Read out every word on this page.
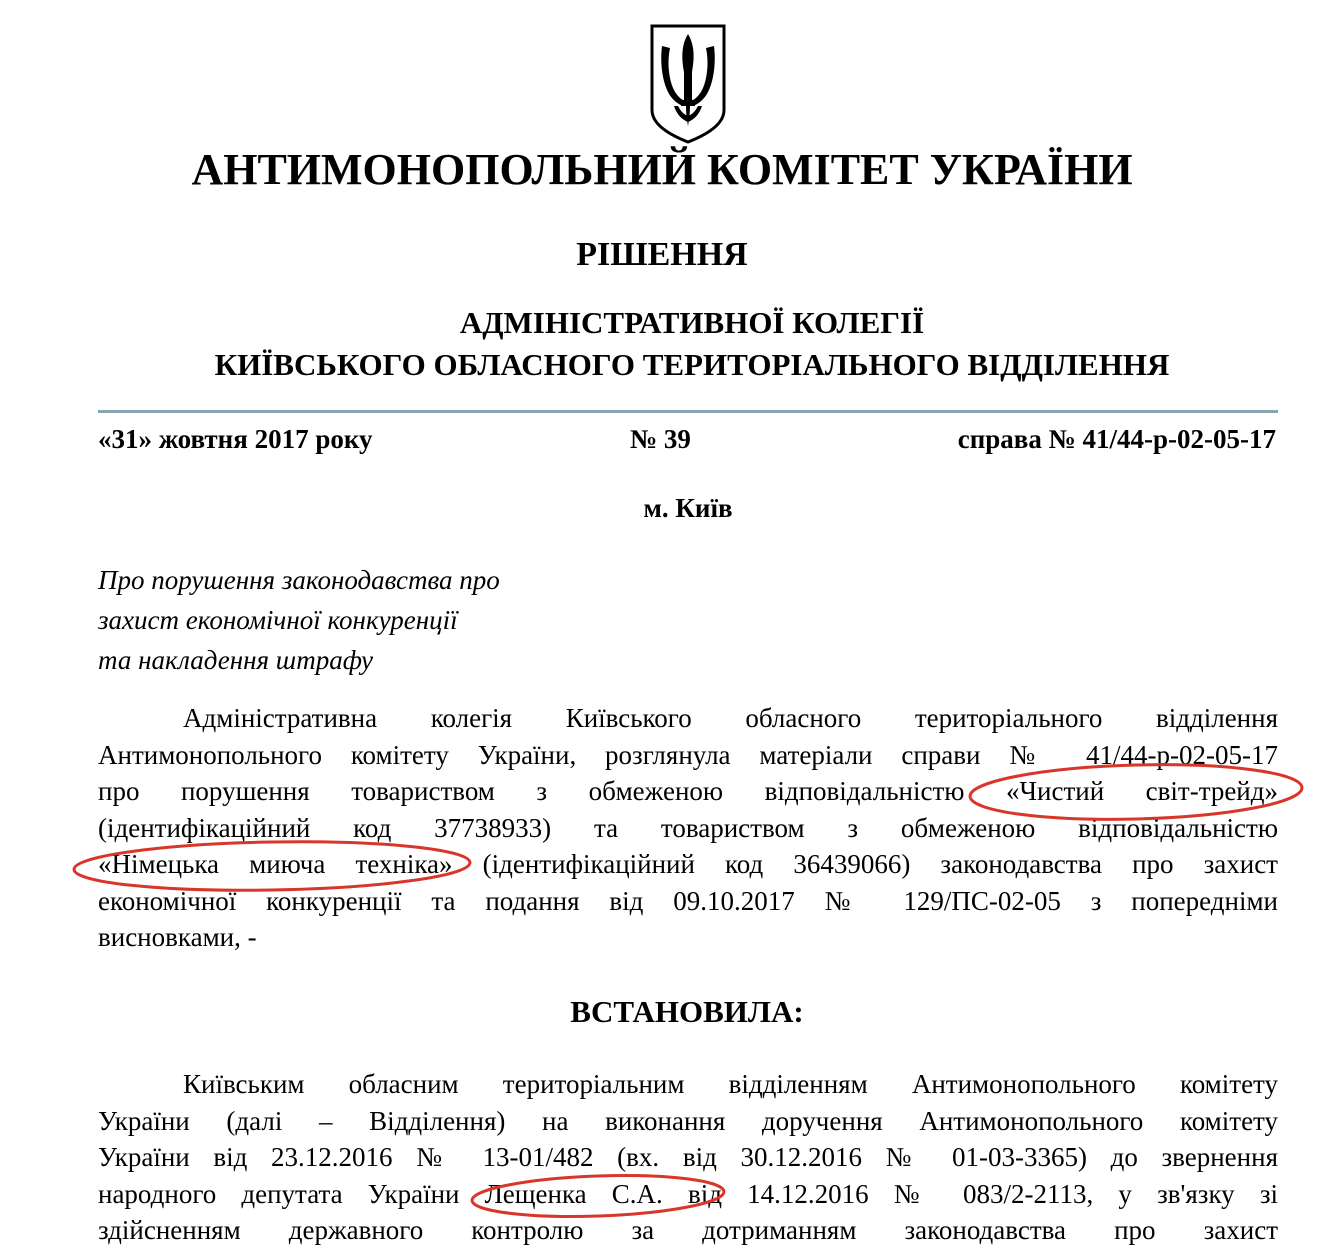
АНТИМОНОПОЛЬНИЙ КОМІТЕТ УКРАЇНИ
РІШЕННЯ
АДМІНІСТРАТИВНОЇ КОЛЕГІЇ
КИЇВСЬКОГО ОБЛАСНОГО ТЕРИТОРІАЛЬНОГО ВІДДІЛЕННЯ
«31» жовтня 2017 року	№ 39	справа № 41/44-р-02-05-17
м. Київ
Про порушення законодавства про
захист економічної конкуренції
та накладення штрафу
Адміністративна колегія Київського обласного територіального відділення
Антимонопольного комітету України, розглянула матеріали справи № 41/44-р-02-05-17
про порушення товариством з обмеженою відповідальністю «Чистий світ-трейд»
(ідентифікаційний код 37738933) та товариством з обмеженою відповідальністю
«Німецька миюча техніка» (ідентифікаційний код 36439066) законодавства про захист
економічної конкуренції та подання від 09.10.2017 № 129/ПС-02-05 з попередніми
висновками, -
ВСТАНОВИЛА:
Київським обласним територіальним відділенням Антимонопольного комітету
України (далі – Відділення) на виконання доручення Антимонопольного комітету
України від 23.12.2016 № 13-01/482 (вх. від 30.12.2016 № 01-03-3365) до звернення
народного депутата України Лещенка С.А. від 14.12.2016 № 083/2-2113, у зв'язку зі
здійсненням державного контролю за дотриманням законодавства про захист
